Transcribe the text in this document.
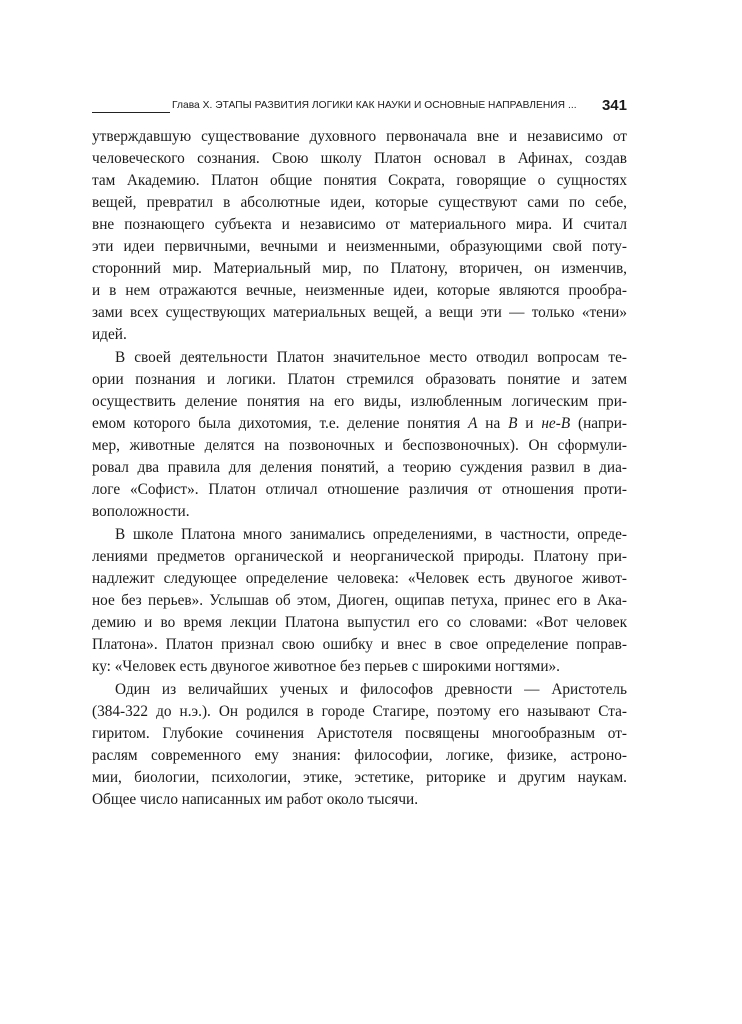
Глава X. ЭТАПЫ РАЗВИТИЯ ЛОГИКИ КАК НАУКИ И ОСНОВНЫЕ НАПРАВЛЕНИЯ ... 341
утверждавшую существование духовного первоначала вне и независимо от
человеческого сознания. Свою школу Платон основал в Афинах, создав
там Академию. Платон общие понятия Сократа, говорящие о сущностях
вещей, превратил в абсолютные идеи, которые существуют сами по себе,
вне познающего субъекта и независимо от материального мира. И считал
эти идеи первичными, вечными и неизменными, образующими свой поту-
сторонний мир. Материальный мир, по Платону, вторичен, он изменчив,
и в нем отражаются вечные, неизменные идеи, которые являются прообра-
зами всех существующих материальных вещей, а вещи эти — только «тени»
идей.
В своей деятельности Платон значительное место отводил вопросам те-
ории познания и логики. Платон стремился образовать понятие и затем
осуществить деление понятия на его виды, излюбленным логическим при-
емом которого была дихотомия, т.е. деление понятия A на B и не-B (напри-
мер, животные делятся на позвоночных и беспозвоночных). Он сформули-
ровал два правила для деления понятий, а теорию суждения развил в диа-
логе «Софист». Платон отличал отношение различия от отношения проти-
воположности.
В школе Платона много занимались определениями, в частности, опреде-
лениями предметов органической и неорганической природы. Платону при-
надлежит следующее определение человека: «Человек есть двуногое живот-
ное без перьев». Услышав об этом, Диоген, ощипав петуха, принес его в Ака-
демию и во время лекции Платона выпустил его со словами: «Вот человек
Платона». Платон признал свою ошибку и внес в свое определение поправ-
ку: «Человек есть двуногое животное без перьев с широкими ногтями».
Один из величайших ученых и философов древности — Аристотель
(384-322 до н.э.). Он родился в городе Стагире, поэтому его называют Ста-
гиритом. Глубокие сочинения Аристотеля посвящены многообразным от-
раслям современного ему знания: философии, логике, физике, астроно-
мии, биологии, психологии, этике, эстетике, риторике и другим наукам.
Общее число написанных им работ около тысячи.
